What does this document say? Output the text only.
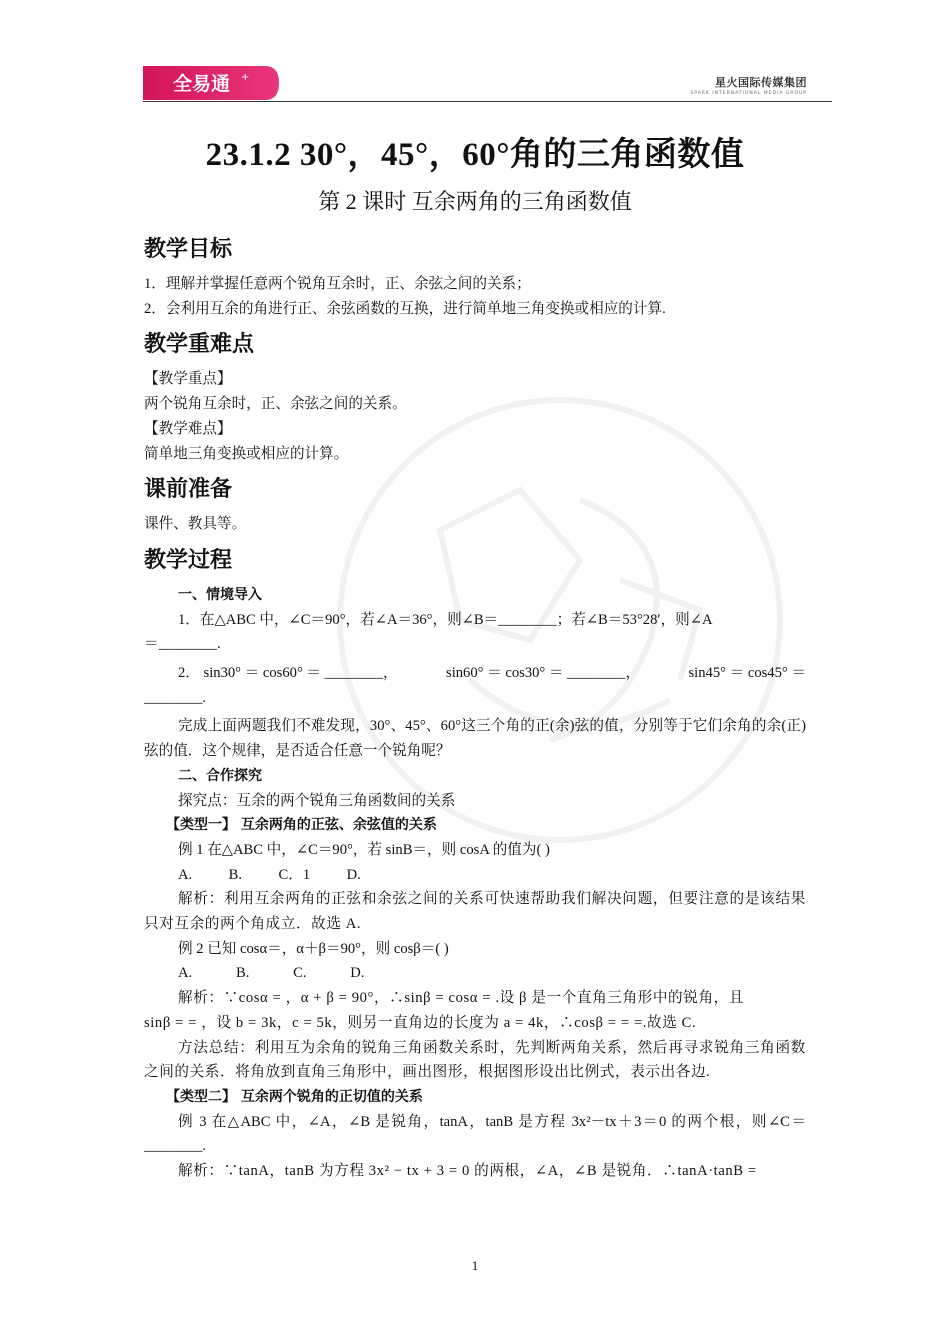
全易通 +	星火国际传媒集团
SPARK INTERNATIONAL MEDIA GROUP
23.1.2 30°，45°，60°角的三角函数值
第 2 课时 互余两角的三角函数值
教学目标

1．理解并掌握任意两个锐角互余时，正、余弦之间的关系；

2．会利用互余的角进行正、余弦函数的互换，进行简单地三角变换或相应的计算.

教学重难点

【教学重点】

两个锐角互余时，正、余弦之间的关系。

【教学难点】

简单地三角变换或相应的计算。

课前准备

课件、教具等。

教学过程

一、情境导入

1．在△ABC 中，∠C＝90°，若∠A＝36°，则∠B＝________；若∠B＝53°28′，则∠A

＝________.

2． sin30° ＝ cos60° ＝ ________，	sin60° ＝ cos30° ＝ ________，	sin45° ＝ cos45° ＝

________.

完成上面两题我们不难发现，30°、45°、60°这三个角的正(余)弦的值，分别等于它们余角的余(正)弦的值．这个规律，是否适合任意一个锐角呢？

二、合作探究

探究点：互余的两个锐角三角函数间的关系

【类型一】 互余两角的正弦、余弦值的关系

例 1 在△ABC 中，∠C＝90°，若 sinB＝，则 cosA 的值为( )

A.          B.          C．1          D.

解析：利用互余两角的正弦和余弦之间的关系可快速帮助我们解决问题，但要注意的是该结果只对互余的两个角成立．故选 A.

例 2 已知 cosα＝，α＋β＝90°，则 cosβ＝( )

A.            B.            C.            D.

解析：∵cosα = ，α + β = 90°，∴sinβ = cosα = .设 β 是一个直角三角形中的锐角，且

sinβ = = ，设 b = 3k，c = 5k，则另一直角边的长度为 a = 4k，∴cosβ = = =.故选 C.

方法总结：利用互为余角的锐角三角函数关系时，先判断两角关系，然后再寻求锐角三角函数之间的关系．将角放到直角三角形中，画出图形，根据图形设出比例式，表示出各边.

【类型二】 互余两个锐角的正切值的关系

例 3 在△ABC 中，∠A，∠B 是锐角，tanA，tanB 是方程 3x²－tx＋3＝0 的两个根，则∠C＝________.

解析：∵tanA，tanB 为方程 3x² − tx + 3 = 0 的两根，∠A，∠B 是锐角．∴tanA·tanB =

1
